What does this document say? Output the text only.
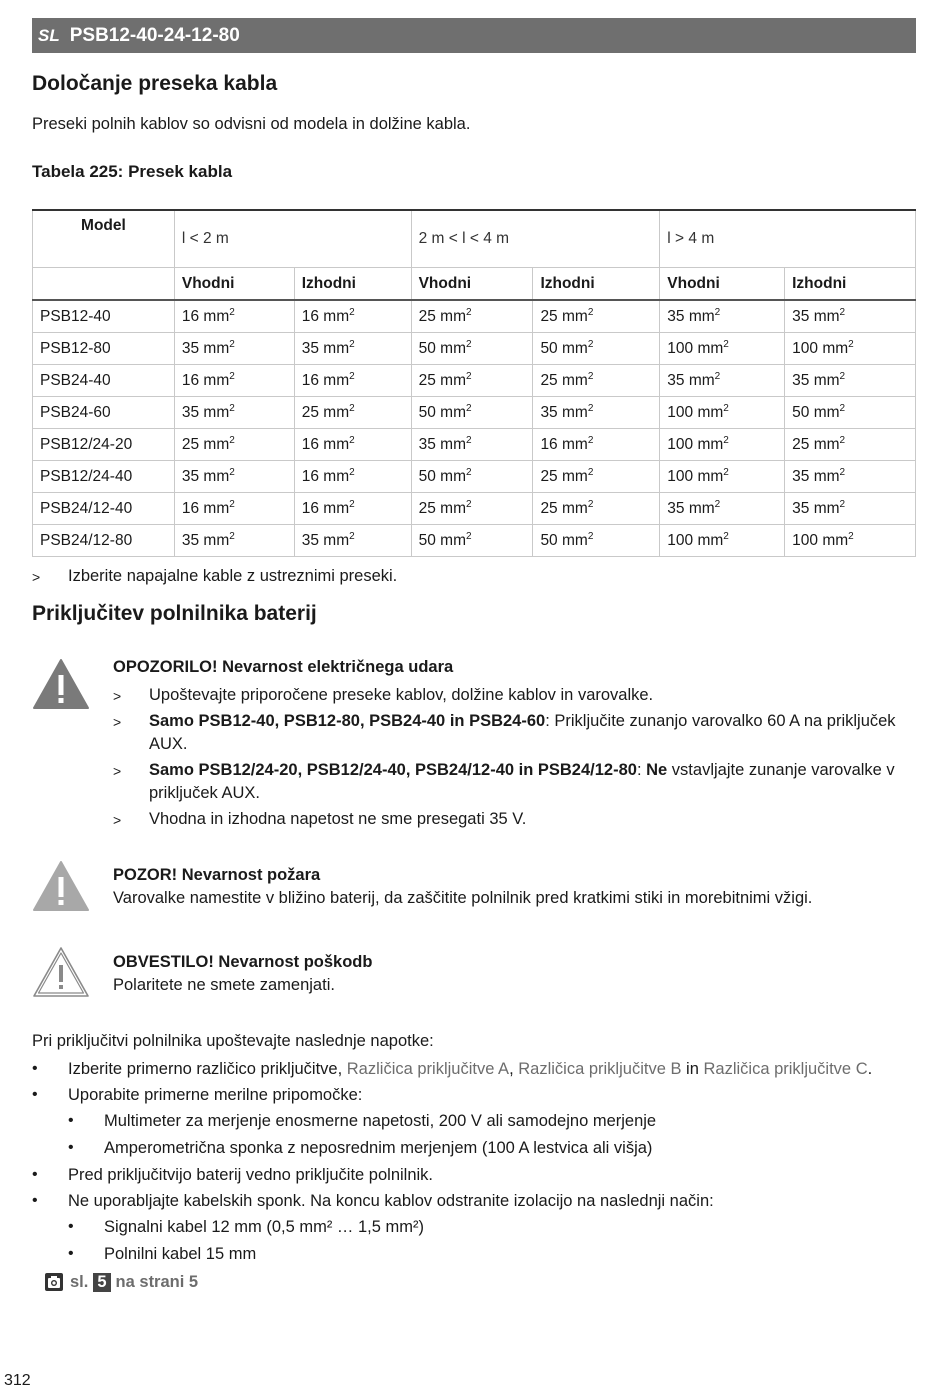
SL PSB12-40-24-12-80
Določanje preseka kabla

Preseki polnih kablov so odvisni od modela in dolžine kabla.

Tabela 225: Presek kabla

Model	l < 2 m		2 m < l < 4 m		l > 4 m	
	Vhodni	Izhodni	Vhodni	Izhodni	Vhodni	Izhodni
PSB12-40	16 $mm^2$	16 $mm^2$	25 $mm^2$	25 $mm^2$	35 $mm^2$	35 $mm^2$
PSB12-80	35 $mm^2$	35 $mm^2$	50 $mm^2$	50 $mm^2$	100 $mm^2$	100 $mm^2$
PSB24-40	16 $mm^2$	16 $mm^2$	25 $mm^2$	25 $mm^2$	35 $mm^2$	35 $mm^2$
PSB24-60	35 $mm^2$	25 $mm^2$	50 $mm^2$	35 $mm^2$	100 $mm^2$	50 $mm^2$
PSB12/24-20	25 $mm^2$	16 $mm^2$	35 $mm^2$	16 $mm^2$	100 $mm^2$	25 $mm^2$
PSB12/24-40	35 $mm^2$	16 $mm^2$	50 $mm^2$	25 $mm^2$	100 $mm^2$	35 $mm^2$
PSB24/12-40	16 $mm^2$	16 $mm^2$	25 $mm^2$	25 $mm^2$	35 $mm^2$	35 $mm^2$
PSB24/12-80	35 $mm^2$	35 $mm^2$	50 $mm^2$	50 $mm^2$	100 $mm^2$	100 $mm^2$
> Izberite napajalne kable z ustreznimi preseki.
Priključitev polnilnika baterij
OPOZORILO! Nevarnost električnega udara
> Upoštevajte priporočene preseke kablov, dolžine kablov in varovalke.
> Samo PSB12-40, PSB12-80, PSB24-40 in PSB24-60: Priključite zunanjo varovalko 60 A na priključek AUX.
> Samo PSB12/24-20, PSB12/24-40, PSB24/12-40 in PSB24/12-80: Ne vstavljajte zunanje varovalke v priključek AUX.
> Vhodna in izhodna napetost ne sme presegati 35 V.
POZOR! Nevarnost požara
Varovalke namestite v bližino baterij, da zaščitite polnilnik pred kratkimi stiki in morebitnimi vžigi.
OBVESTILO! Nevarnost poškodb
Polaritete ne smete zamenjati.

Pri priključitvi polnilnika upoštevajte naslednje napotke:

• Izberite primerno različico priključitve, Različica priključitve A, Različica priključitve B in Različica priključitve C.
• Uporabite primerne merilne pripomočke:
• Multimeter za merjenje enosmerne napetosti, 200 V ali samodejno merjenje
• Amperometrična sponka z neposrednim merjenjem (100 A lestvica ali višja)
• Pred priključitvijo baterij vedno priključite polnilnik.
• Ne uporabljajte kabelskih sponk. Na koncu kablov odstranite izolacijo na naslednji način:
• Signalni kabel 12 mm (0,5 mm² … 1,5 mm²)
• Polnilni kabel 15 mm
sl. 5 na strani 5
312
